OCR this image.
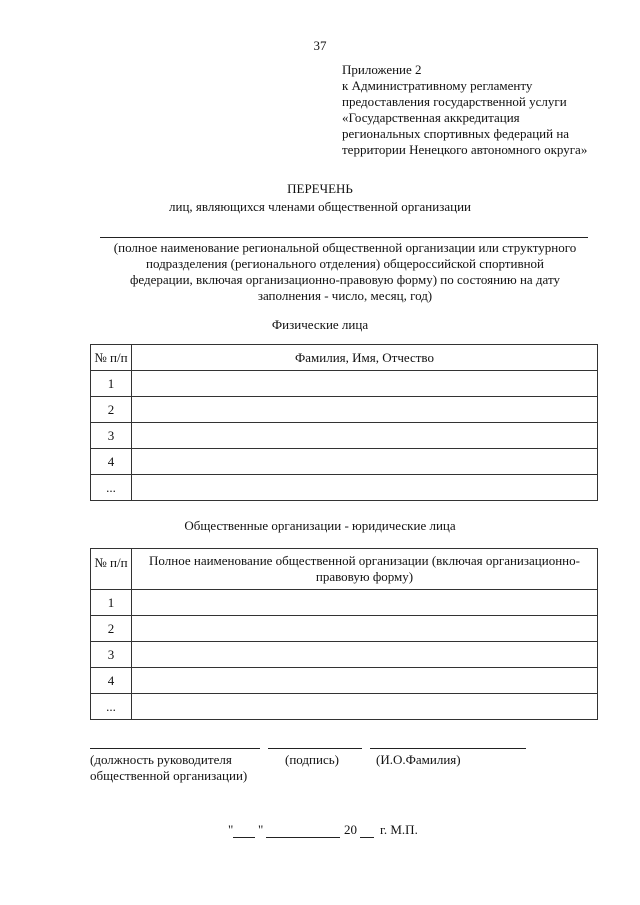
37
Приложение 2
к Административному регламенту
предоставления государственной услуги
«Государственная аккредитация
региональных спортивных федераций на
территории Ненецкого автономного округа»
ПЕРЕЧЕНЬ
лиц, являющихся членами общественной организации
(полное наименование региональной общественной организации или структурного
подразделения (регионального отделения) общероссийской спортивной
федерации, включая организационно-правовую форму) по состоянию на дату
заполнения - число, месяц, год)
Физические лица
№ п/п	Фамилия, Имя, Отчество
1	
2	
3	
4	
...	
Общественные организации - юридические лица
№ п/п	Полное наименование общественной организации (включая организационно-правовую форму)
1	
2	
3	
4	
...	
(должность руководителя
общественной организации)
(подпись)	(И.О.Фамилия)
" "	20 г. М.П.
